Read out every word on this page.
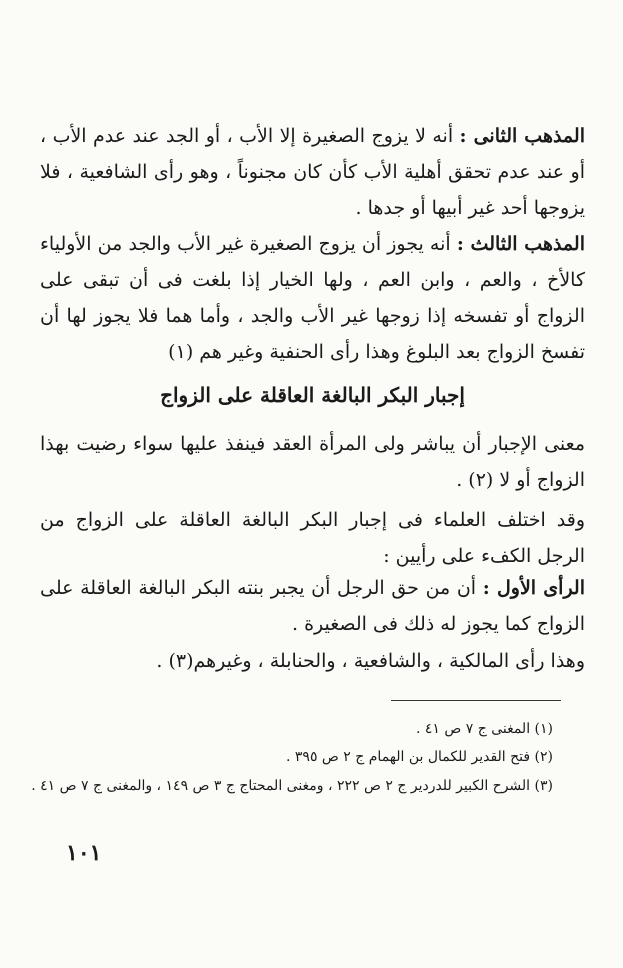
المذهب الثانى : أنه لا يزوج الصغيرة إلا الأب ، أو الجد عند عدم الأب ، أو عند عدم تحقق أهلية الأب كأن كان مجنوناً ، وهو رأى الشافعية ، فلا يزوجها أحد غير أبيها أو جدها .

المذهب الثالث : أنه يجوز أن يزوج الصغيرة غير الأب والجد من الأولياء كالأخ ، والعم ، وابن العم ، ولها الخيار إذا بلغت فى أن تبقى على الزواج أو تفسخه إذا زوجها غير الأب والجد ، وأما هما فلا يجوز لها أن تفسخ الزواج بعد البلوغ وهذا رأى الحنفية وغير هم (١)

إجبار البكر البالغة العاقلة على الزواج

معنى الإجبار أن يباشر ولى المرأة العقد فينفذ عليها سواء رضيت بهذا الزواج أو لا (٢) .

وقد اختلف العلماء فى إجبار البكر البالغة العاقلة على الزواج من الرجل الكفء على رأيين :

الرأى الأول : أن من حق الرجل أن يجبر بنته البكر البالغة العاقلة على الزواج كما يجوز له ذلك فى الصغيرة .

وهذا رأى المالكية ، والشافعية ، والحنابلة ، وغيرهم(٣) .

(١) المغنى ج ٧ ص ٤١ .
(٢) فتح القدير للكمال بن الهمام ج ٢ ص ٣٩٥ .
(٣) الشرح الكبير للدردير ج ٢ ص ٢٢٢ ، ومغنى المحتاج ج ٣ ص ١٤٩ ، والمغنى ج ٧ ص ٤١ .
١٠١
